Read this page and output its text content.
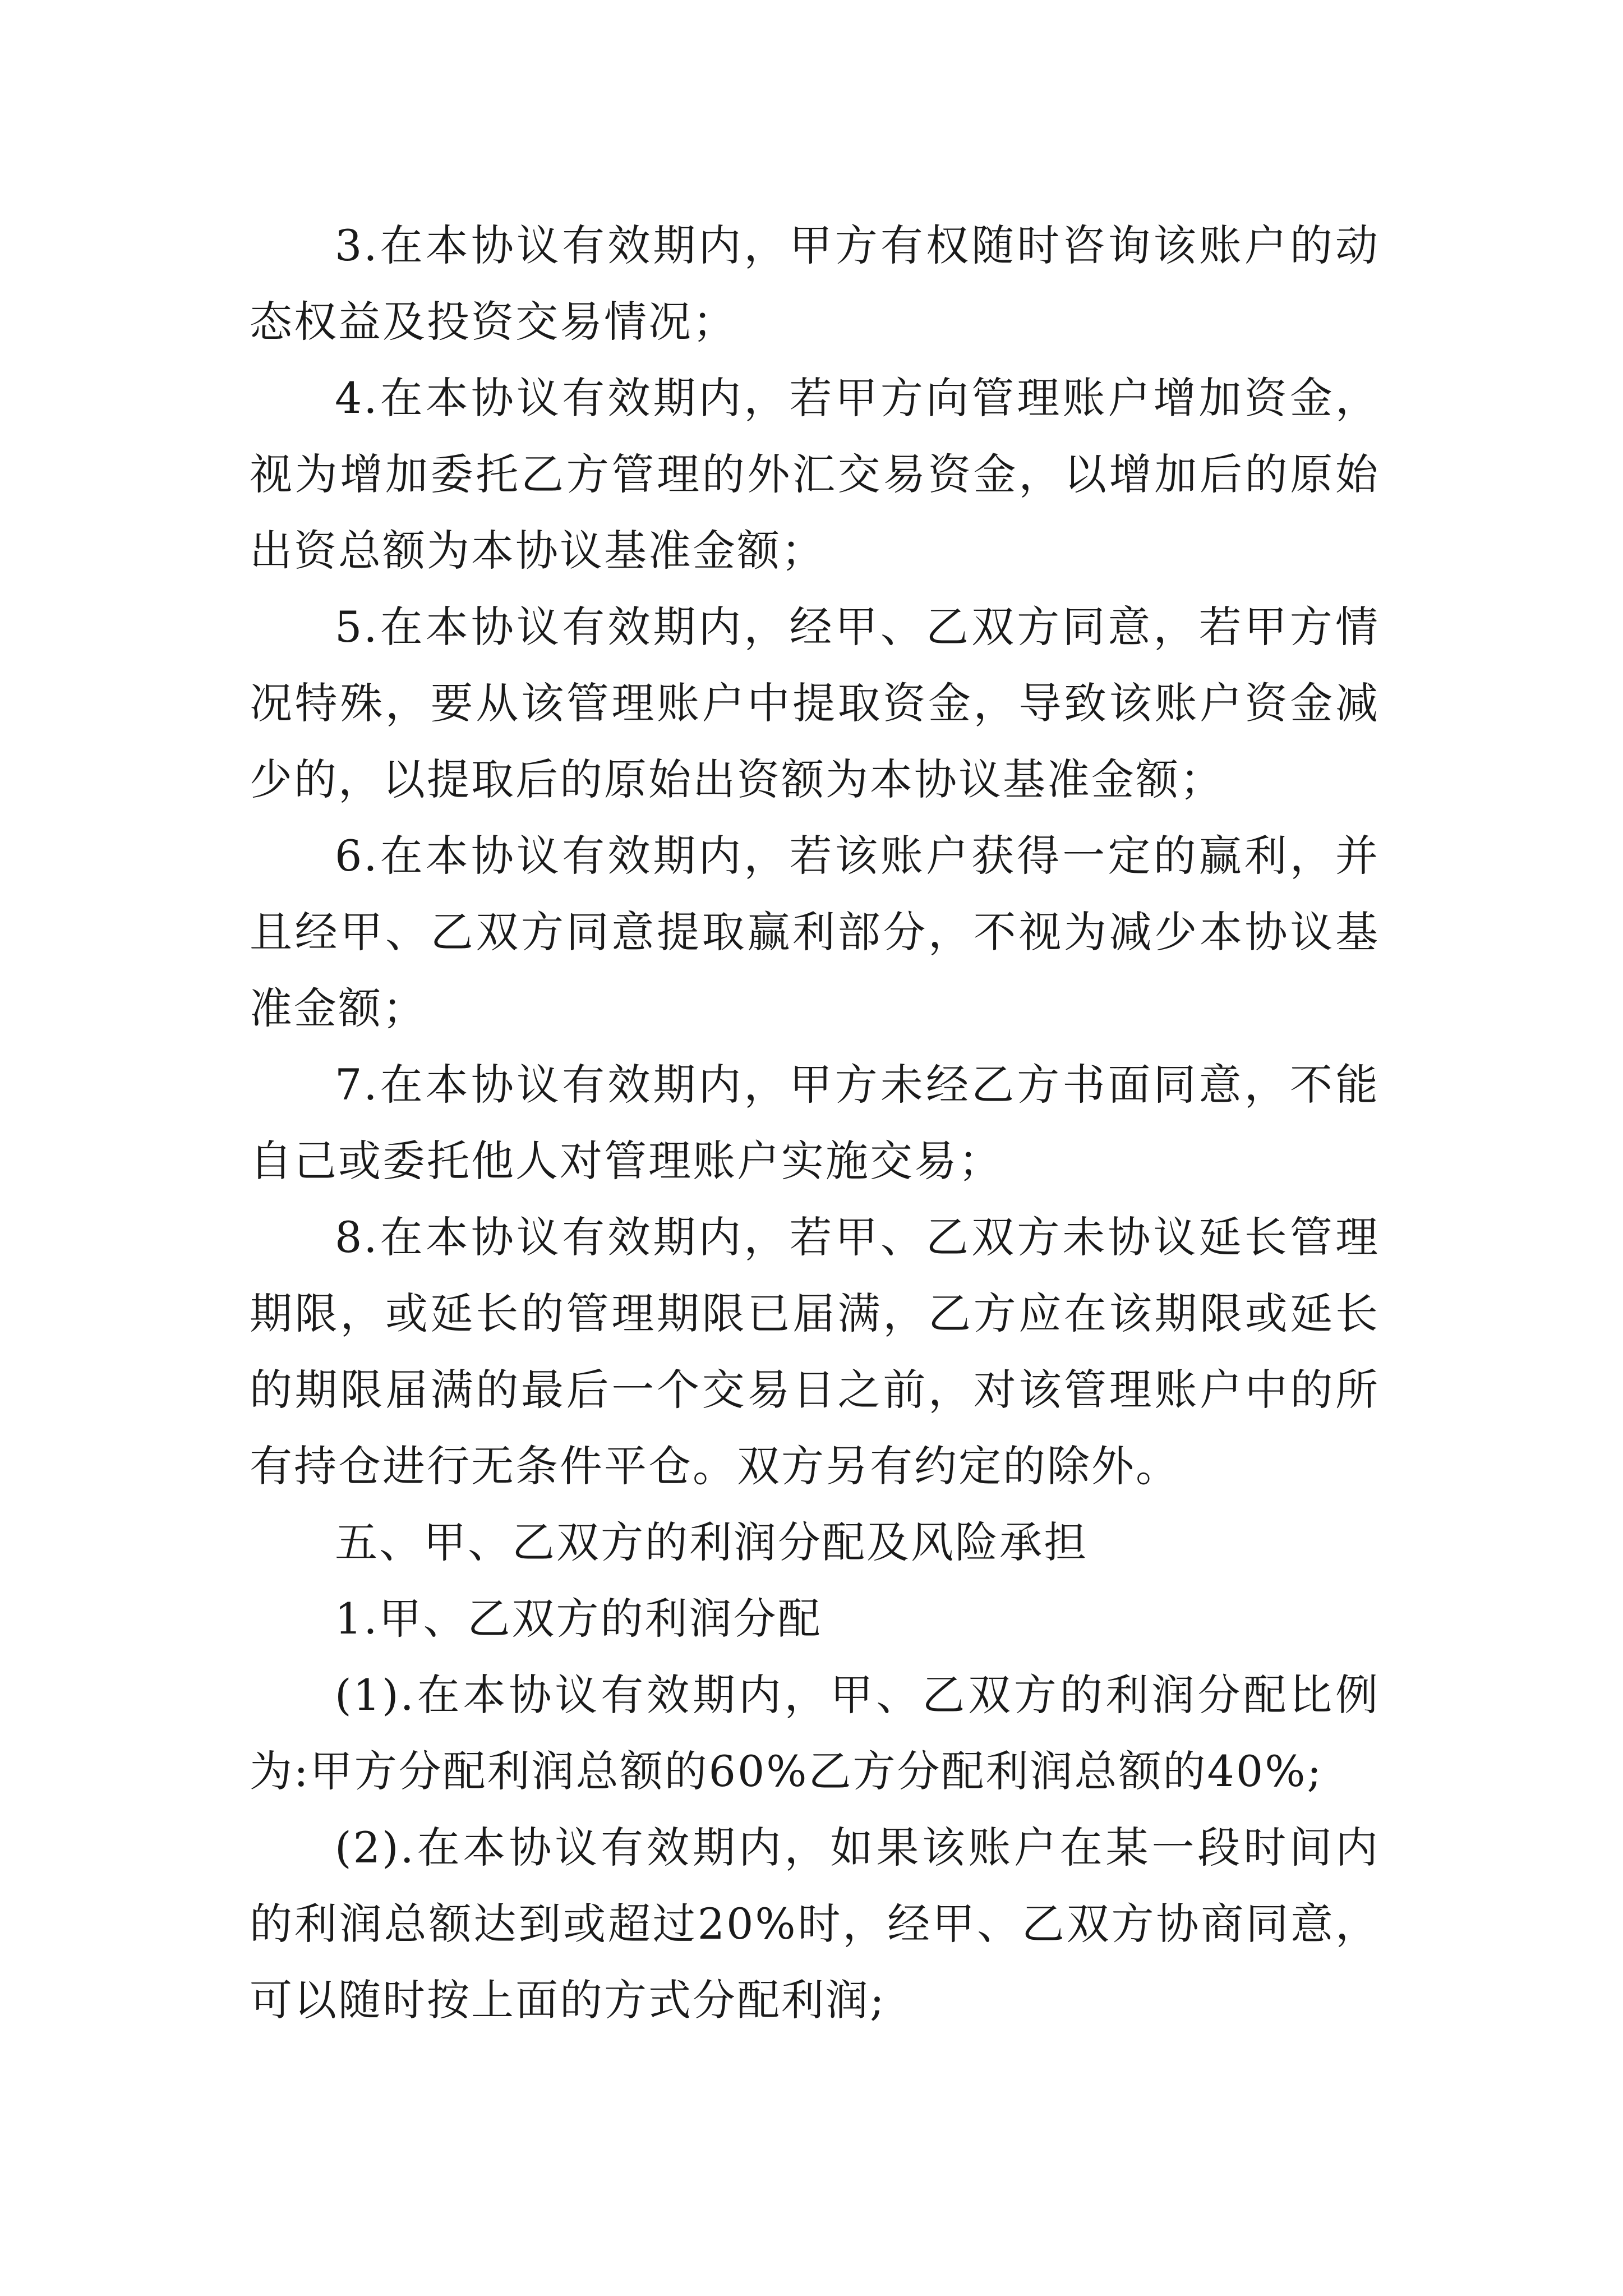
3.在本协议有效期内，甲方有权随时咨询该账户的动态权益及投资交易情况；

4.在本协议有效期内，若甲方向管理账户增加资金，视为增加委托乙方管理的外汇交易资金，以增加后的原始出资总额为本协议基准金额；

5.在本协议有效期内，经甲、乙双方同意，若甲方情况特殊，要从该管理账户中提取资金，导致该账户资金减少的，以提取后的原始出资额为本协议基准金额；

6.在本协议有效期内，若该账户获得一定的赢利，并且经甲、乙双方同意提取赢利部分，不视为减少本协议基准金额；

7.在本协议有效期内，甲方未经乙方书面同意，不能自己或委托他人对管理账户实施交易；

8.在本协议有效期内，若甲、乙双方未协议延长管理期限，或延长的管理期限已届满，乙方应在该期限或延长的期限届满的最后一个交易日之前，对该管理账户中的所有持仓进行无条件平仓。双方另有约定的除外。

五、甲、乙双方的利润分配及风险承担

1.甲、乙双方的利润分配

(1).在本协议有效期内，甲、乙双方的利润分配比例为:甲方分配利润总额的60%乙方分配利润总额的40%;

(2).在本协议有效期内，如果该账户在某一段时间内的利润总额达到或超过20%时，经甲、乙双方协商同意，可以随时按上面的方式分配利润;
